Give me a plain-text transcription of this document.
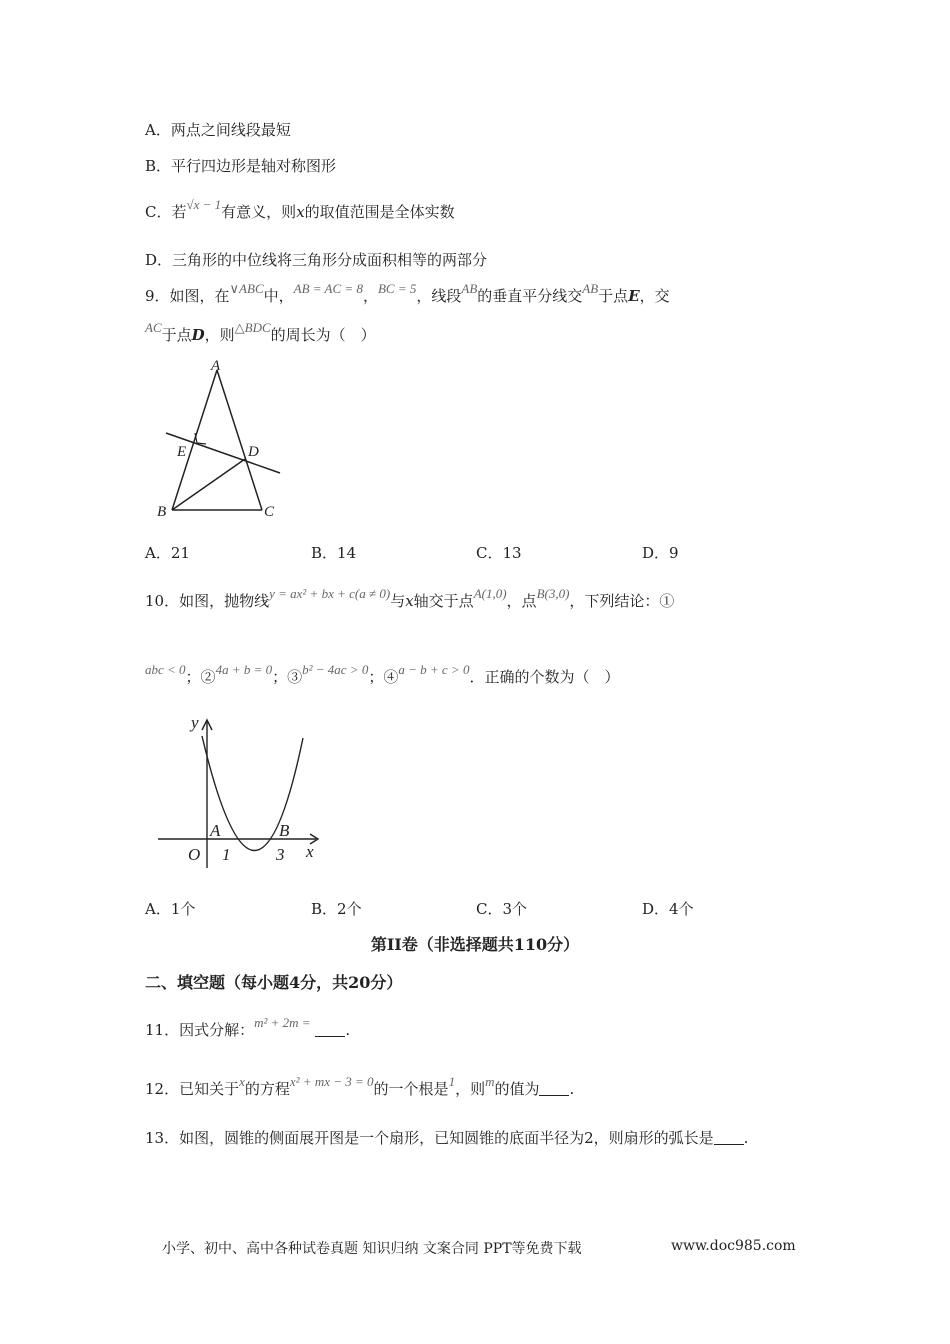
A．两点之间线段最短
B．平行四边形是轴对称图形
C．若√x − 1有意义，则x的取值范围是全体实数
D．三角形的中位线将三角形分成面积相等的两部分
9．如图，在∨ABC中，AB = AC = 8，BC = 5，线段AB的垂直平分线交AB于点E，交
AC于点D，则△BDC的周长为（　）
A
E	D
B	C
A．21	B．14	C．13	D．9
10．如图，抛物线y = ax² + bx + c(a ≠ 0)与x轴交于点A(1,0)，点B(3,0)，下列结论：①
abc < 0；②4a + b = 0；③b² − 4ac > 0；④a − b + c > 0．正确的个数为（　）
y
x
O
A	B
1	3
A．1个	B．2个	C．3个	D．4个
第II卷（非选择题共110分）
二、填空题（每小题4分，共20分）
11．因式分解：m² + 2m = .
12．已知关于x的方程x² + mx − 3 = 0的一个根是1，则m的值为 .
13．如图，圆锥的侧面展开图是一个扇形，已知圆锥的底面半径为2，则扇形的弧长是 .
小学、初中、高中各种试卷真题 知识归纳 文案合同 PPT等免费下载	www.doc985.com
